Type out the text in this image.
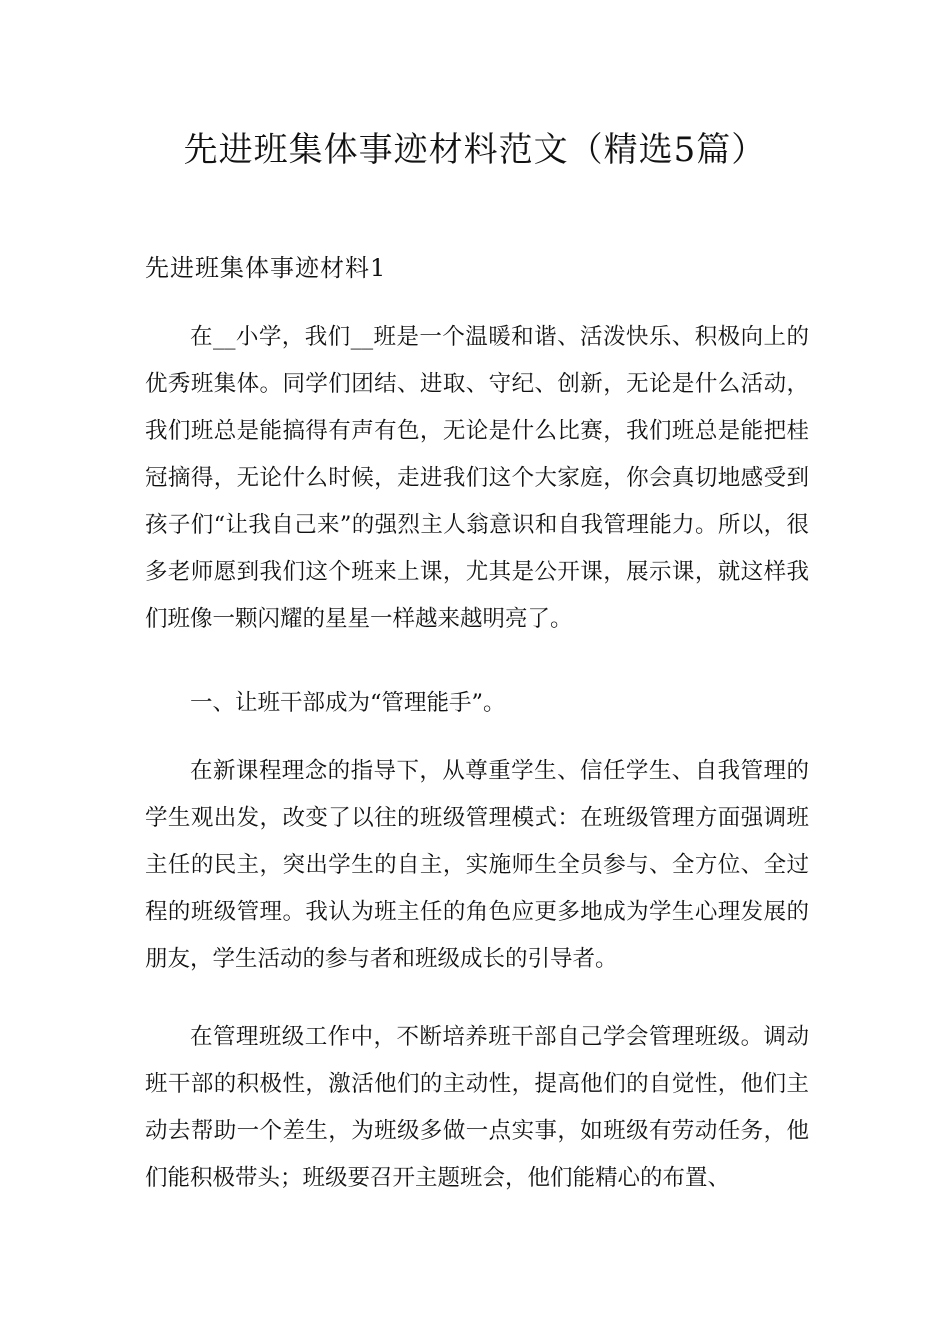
先进班集体事迹材料范文（精选5篇）
先进班集体事迹材料1

在__小学，我们__班是一个温暖和谐、活泼快乐、积极向上的优秀班集体。同学们团结、进取、守纪、创新，无论是什么活动，我们班总是能搞得有声有色，无论是什么比赛，我们班总是能把桂冠摘得，无论什么时候，走进我们这个大家庭，你会真切地感受到孩子们“让我自己来”的强烈主人翁意识和自我管理能力。所以，很多老师愿到我们这个班来上课，尤其是公开课，展示课，就这样我们班像一颗闪耀的星星一样越来越明亮了。

一、让班干部成为“管理能手”。

在新课程理念的指导下，从尊重学生、信任学生、自我管理的学生观出发，改变了以往的班级管理模式：在班级管理方面强调班主任的民主，突出学生的自主，实施师生全员参与、全方位、全过程的班级管理。我认为班主任的角色应更多地成为学生心理发展的朋友，学生活动的参与者和班级成长的引导者。

在管理班级工作中，不断培养班干部自己学会管理班级。调动班干部的积极性，激活他们的主动性，提高他们的自觉性，他们主动去帮助一个差生，为班级多做一点实事，如班级有劳动任务，他们能积极带头；班级要召开主题班会，他们能精心的布置、
